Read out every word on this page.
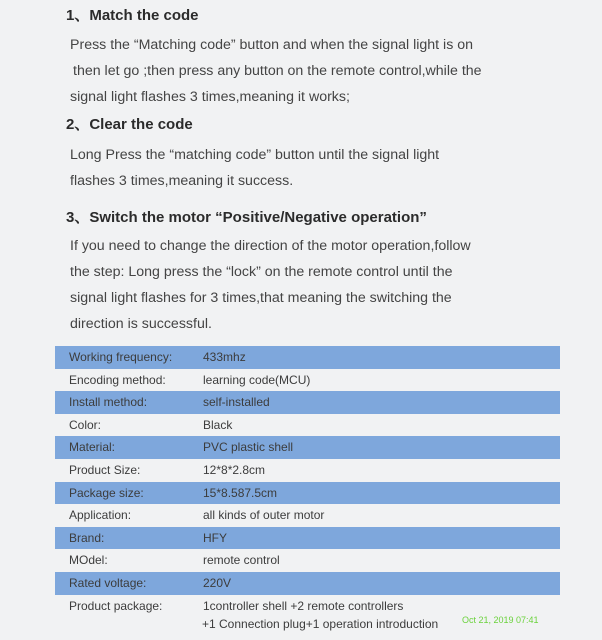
1、Match the code
Press the “Matching code” button and when the signal light is on
then let go ;then press any button on the remote control,while the
signal light flashes 3 times,meaning it works;
2、Clear the code
Long Press the “matching code” button until the signal light
flashes 3 times,meaning it success.
3、Switch the motor “Positive/Negative operation”
If you need to change the direction of the motor operation,follow
the step: Long press the “lock” on the remote control until the
signal light flashes for 3 times,that meaning the switching the
direction is successful.
Working frequency:	433mhz
Encoding method:	learning code(MCU)
Install method:	self-installed
Color:	Black
Material:	PVC plastic shell
Product Size:	12*8*2.8cm
Package size:	15*8.587.5cm
Application:	all kinds of outer motor
Brand:	HFY
MOdel:	remote control
Rated voltage:	220V
Product package:	1controller shell +2 remote controllers
+1 Connection plug+1 operation introduction	Oct 21, 2019 07:41
